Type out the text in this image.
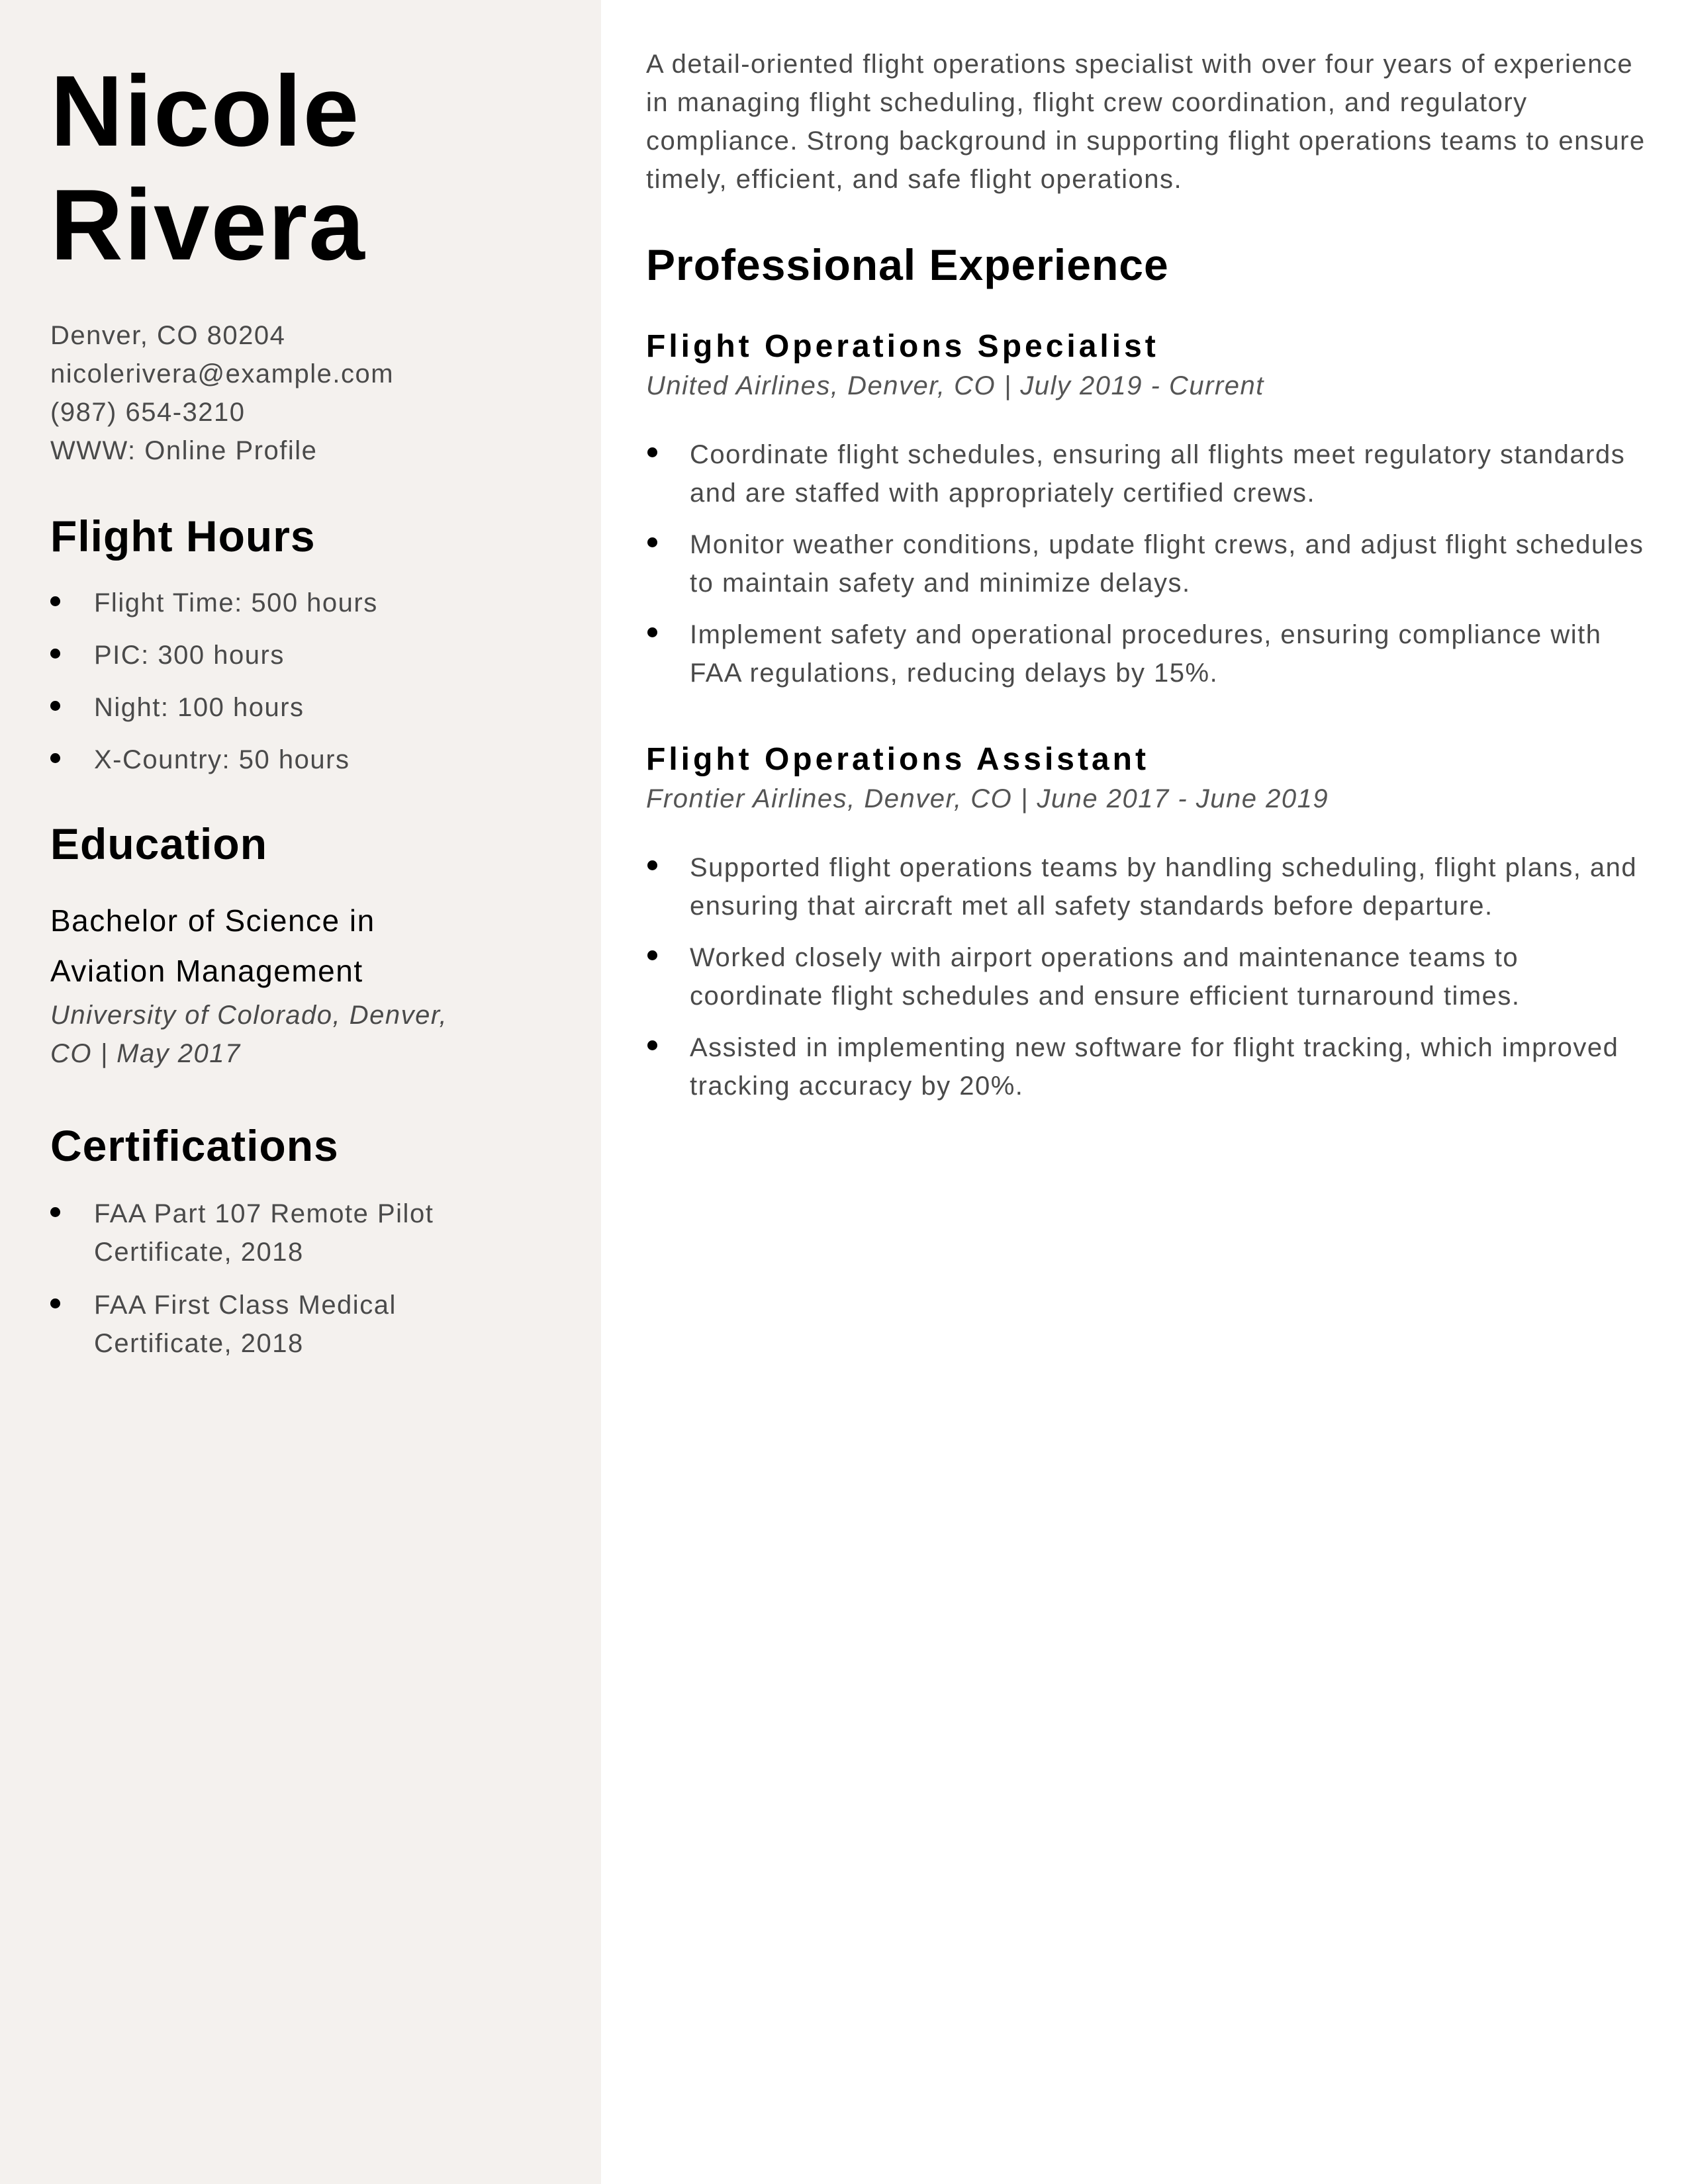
Nicole
Rivera
Denver, CO 80204
nicolerivera@example.com
(987) 654-3210
WWW: Online Profile
Flight Hours
Flight Time: 500 hours
PIC: 300 hours
Night: 100 hours
X-Country: 50 hours
Education
Bachelor of Science in
Aviation Management
University of Colorado, Denver,
CO | May 2017
Certifications
FAA Part 107 Remote Pilot Certificate, 2018
FAA First Class Medical Certificate, 2018

A detail-oriented flight operations specialist with over four years of experience in managing flight scheduling, flight crew coordination, and regulatory compliance. Strong background in supporting flight operations teams to ensure timely, efficient, and safe flight operations.

Professional Experience
Flight Operations Specialist
United Airlines, Denver, CO | July 2019 - Current
Coordinate flight schedules, ensuring all flights meet regulatory standards and are staffed with appropriately certified crews.
Monitor weather conditions, update flight crews, and adjust flight schedules to maintain safety and minimize delays.
Implement safety and operational procedures, ensuring compliance with FAA regulations, reducing delays by 15%.
Flight Operations Assistant
Frontier Airlines, Denver, CO | June 2017 - June 2019
Supported flight operations teams by handling scheduling, flight plans, and ensuring that aircraft met all safety standards before departure.
Worked closely with airport operations and maintenance teams to coordinate flight schedules and ensure efficient turnaround times.
Assisted in implementing new software for flight tracking, which improved tracking accuracy by 20%.
